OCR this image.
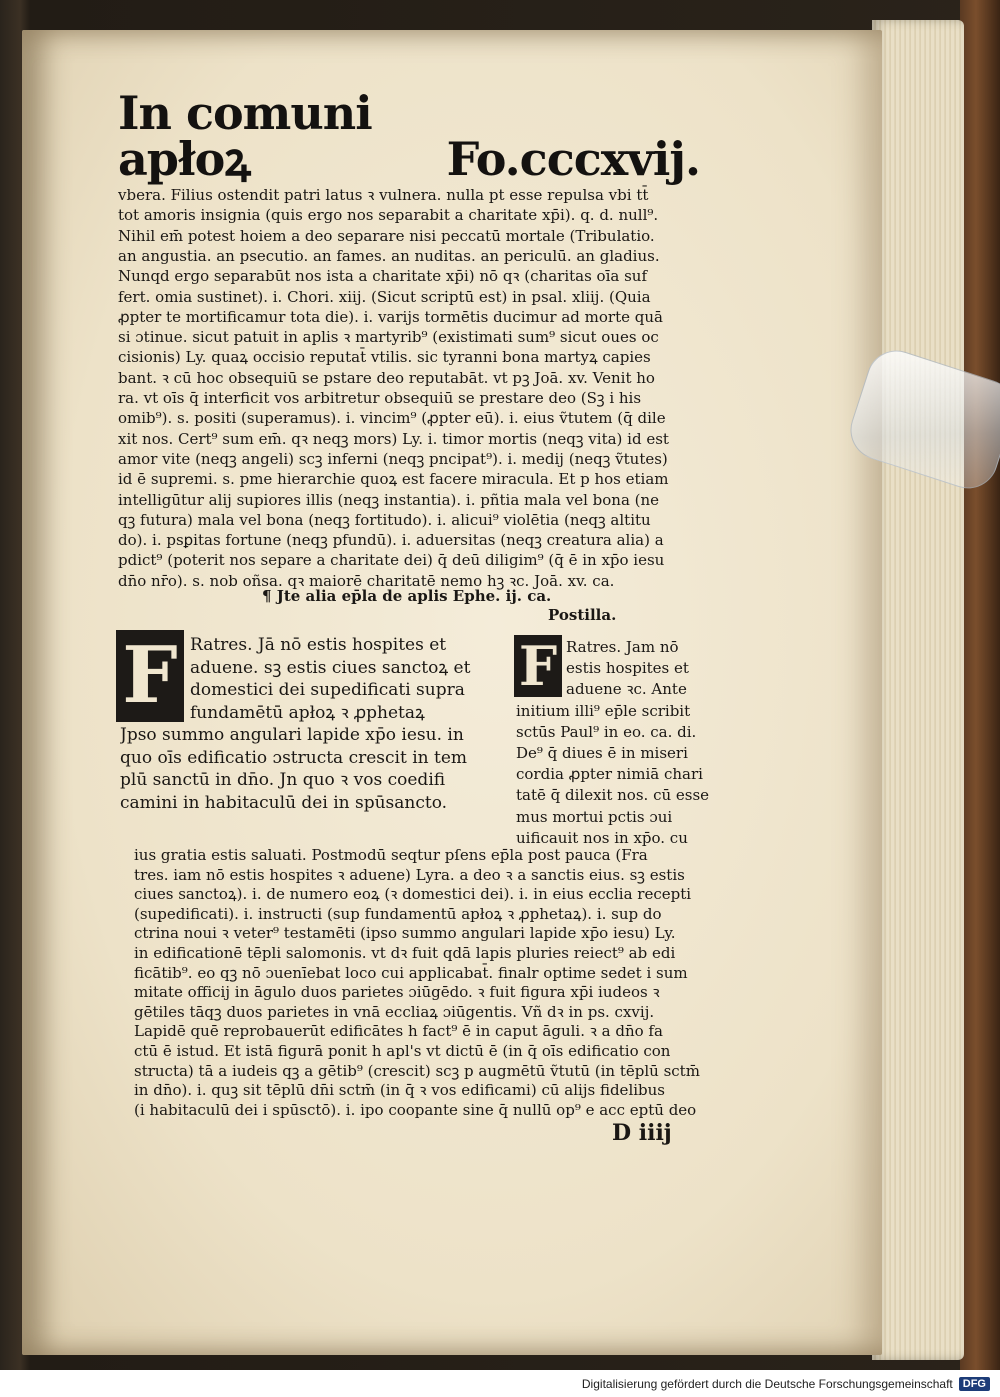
In comuni apłoꝝ	Fo.cccxvij.
vbera. Filius ostendit patri latus ꝛ vulnera. nulla pt esse repulsa vbi tt̄
tot amoris insignia (quis ergo nos separabit a charitate xp̄i). q. d. null⁹.
Nihil em̄ potest hoiem a deo separare nisi peccatū mortale (Tribulatio.
an angustia. an psecutio. an fames. an nuditas. an periculū. an gladius.
Nunqd ergo separabūt nos ista a charitate xp̄i) nō qꝛ (charitas oīa suf
fert. omia sustinet). i. Chori. xiij. (Sicut scriptū est) in psal. xliij. (Quia
ꝓpter te mortificamur tota die). i. varijs tormētis ducimur ad morte quā
si ɔtinue. sicut patuit in aplis ꝛ martyrib⁹ (existimati sum⁹ sicut oues oc
cisionis) Ly. quaꝝ occisio reputat̄ vtilis. sic tyranni bona martyꝝ capies
bant. ꝛ cū hoc obsequiū se pstare deo reputabāt. vt pꝫ Joā. xv. Venit ho
ra. vt oīs q̄ interficit vos arbitretur obsequiū se prestare deo (Sꝫ i his
omib⁹). s. positi (superamus). i. vincim⁹ (ꝓpter eū). i. eius ṽtutem (q̄ dile
xit nos. Cert⁹ sum em̄. qꝛ neqꝫ mors) Ly. i. timor mortis (neqꝫ vita) id est
amor vite (neqꝫ angeli) scꝫ inferni (neqꝫ pncipat⁹). i. medij (neqꝫ ṽtutes)
id ē supremi. s. pme hierarchie quoꝝ est facere miracula. Et p hos etiam
intelligūtur alij supiores illis (neqꝫ instantia). i. pñtia mala vel bona (ne
qꝫ futura) mala vel bona (neqꝫ fortitudo). i. alicui⁹ violētia (neqꝫ altitu
do). i. psꝑitas fortune (neqꝫ pfundū). i. aduersitas (neqꝫ creatura alia) a
pdict⁹ (poterit nos separe a charitate dei) q̄ deū diligim⁹ (q̄ ē in xp̄o iesu
dn̄o nr̄o). s. nob oñsa. qꝛ maiorē charitatē nemo hꝫ ꝛc. Joā. xv. ca.
¶ Jte alia ep̄la de aplis Ephe. ij. ca.
Postilla.
F	F
Ratres. Jā nō estis hospites et
aduene. sꝫ estis ciues sanctoꝝ et
domestici dei supedificati supra
fundamētū apłoꝝ ꝛ ꝓphetaꝝ
Jpso summo angulari lapide xp̄o iesu. in
quo oīs edificatio ɔstructa crescit in tem
plū sanctū in dn̄o. Jn quo ꝛ vos coedifi
camini in habitaculū dei in spūsancto.
Ratres. Jam nō
estis hospites et
aduene ꝛc. Ante
initium illi⁹ ep̄le scribit
sctūs Paul⁹ in eo. ca. di.
De⁹ q̄ diues ē in miseri
cordia ꝓpter nimiā chari
tatē q̄ dilexit nos. cū esse
mus mortui pctis ɔui
uificauit nos in xp̄o. cu
ius gratia estis saluati. Postmodū seqtur pſens ep̄la post pauca (Fra
tres. iam nō estis hospites ꝛ aduene) Lyra. a deo ꝛ a sanctis eius. sꝫ estis
ciues sanctoꝝ). i. de numero eoꝝ (ꝛ domestici dei). i. in eius ecclia recepti
(supedificati). i. instructi (sup fundamentū apłoꝝ ꝛ ꝓphetaꝝ). i. sup do
ctrina noui ꝛ veter⁹ testamēti (ipso summo angulari lapide xp̄o iesu) Ly.
in edificationē tēpli salomonis. vt dꝛ fuit qdā lapis pluries reiect⁹ ab edi
ficātib⁹. eo qꝫ nō ɔuenīebat loco cui applicabat̄. finalr optime sedet i sum
mitate officij in āgulo duos parietes ɔiūgēdo. ꝛ fuit figura xp̄i iudeos ꝛ
gētiles tāqꝫ duos parietes in vnā eccliaꝝ ɔiūgentis. Vñ dꝛ in ps. cxvij.
Lapidē quē reprobauerūt edificātes h fact⁹ ē in caput āguli. ꝛ a dn̄o fa
ctū ē istud. Et istā figurā ponit h apl's vt dictū ē (in q̄ oīs edificatio con
structa) tā a iudeis qꝫ a gētib⁹ (crescit) scꝫ p augmētū ṽtutū (in tēplū sctm̄
in dn̄o). i. quꝫ sit tēplū dn̄i sctm̄ (in q̄ ꝛ vos edificami) cū alijs fidelibus
(i habitaculū dei i spūsctō). i. ipo coopante sine q̄ nullū op⁹ e acc eptū deo
D iiij
Digitalisierung gefördert durch die Deutsche Forschungsgemeinschaft DFG
